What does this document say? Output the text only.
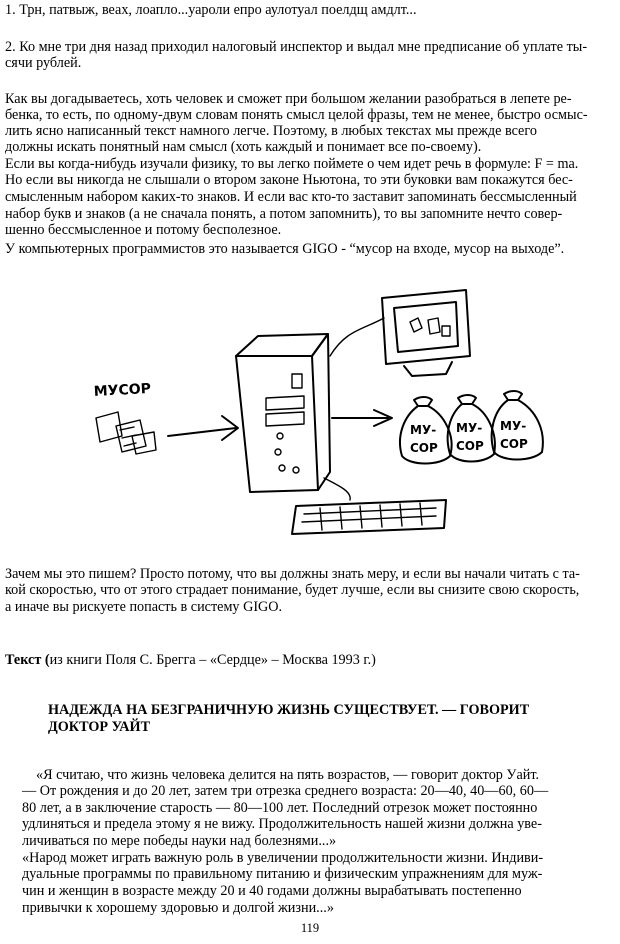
1. Трн, патвыж, веах, лоапло...уароли епро аулотуал поелдщ амдлт...
2. Ко мне три дня назад приходил налоговый инспектор и выдал мне предписание об уплате ты-
сячи рублей.
Как вы догадываетесь, хоть человек и сможет при большом желании разобраться в лепете ре-
бенка, то есть, по одному-двум словам понять смысл целой фразы, тем не менее, быстро осмыс-
лить ясно написанный текст намного легче. Поэтому, в любых текстах мы прежде всего
должны искать понятный нам смысл (хоть каждый и понимает все по-своему).
Если вы когда-нибудь изучали физику, то вы легко поймете о чем идет речь в формуле: F = ma.
Но если вы никогда не слышали о втором законе Ньютона, то эти буковки вам покажутся бес-
смысленным набором каких-то знаков. И если вас кто-то заставит запоминать бессмысленный
набор букв и знаков (а не сначала понять, а потом запомнить), то вы запомните нечто совер-
шенно бессмысленное и потому бесполезное.
У компьютерных программистов это называется GIGO - “мусор на входе, мусор на выходе”.
МУСОР
МУ-
СОР
МУ-
СОР
МУ-
СОР
Зачем мы это пишем? Просто потому, что вы должны знать меру, и если вы начали читать с та-
кой скоростью, что от этого страдает понимание, будет лучше, если вы снизите свою скорость,
а иначе вы рискуете попасть в систему GIGO.
Текст (из книги Поля С. Брегга – «Сердце» – Москва 1993 г.)
НАДЕЖДА НА БЕЗГРАНИЧНУЮ ЖИЗНЬ СУЩЕСТВУЕТ. — ГОВОРИТ
ДОКТОР УАЙТ
«Я считаю, что жизнь человека делится на пять возрастов, — говорит доктор Уайт.
— От рождения и до 20 лет, затем три отрезка среднего возраста: 20—40, 40—60, 60—
80 лет, а в заключение старость — 80—100 лет. Последний отрезок может постоянно
удлиняться и предела этому я не вижу. Продолжительность нашей жизни должна уве-
личиваться по мере победы науки над болезнями...»
«Народ может играть важную роль в увеличении продолжительности жизни. Индиви-
дуальные программы по правильному питанию и физическим упражнениям для муж-
чин и женщин в возрасте между 20 и 40 годами должны вырабатывать постепенно
привычки к хорошему здоровью и долгой жизни...»
119
